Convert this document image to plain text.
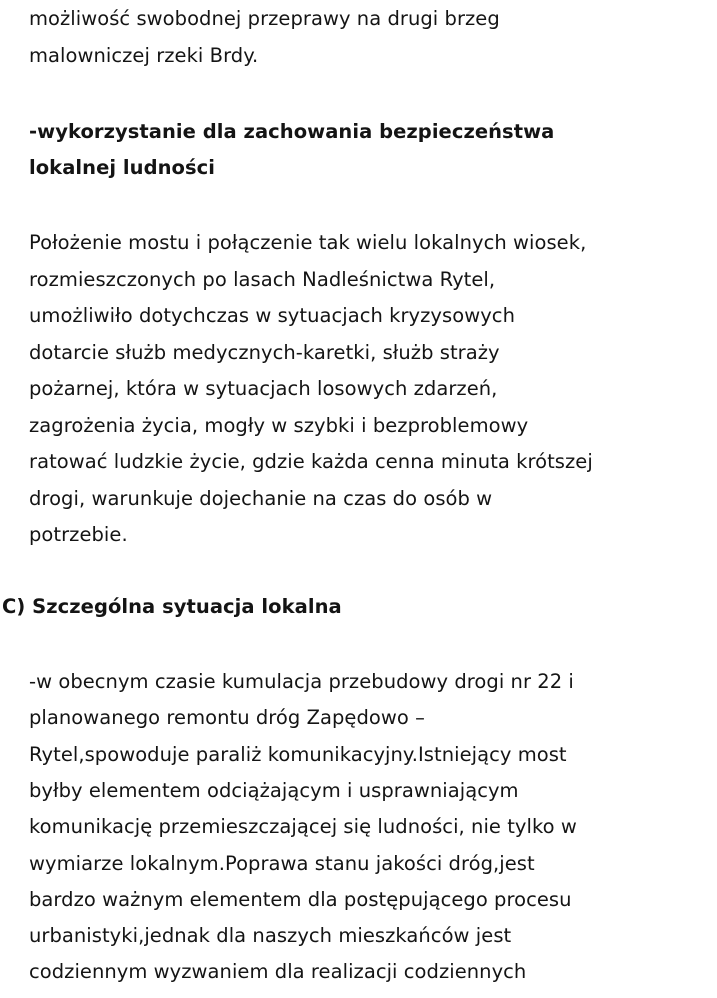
możliwość swobodnej przeprawy na drugi brzeg
malowniczej rzeki Brdy.
-wykorzystanie dla zachowania bezpieczeństwa
lokalnej ludności
Położenie mostu i połączenie tak wielu lokalnych wiosek,
rozmieszczonych po lasach Nadleśnictwa Rytel,
umożliwiło dotychczas w sytuacjach kryzysowych
dotarcie służb medycznych-karetki, służb straży
pożarnej, która w sytuacjach losowych zdarzeń,
zagrożenia życia, mogły w szybki i bezproblemowy
ratować ludzkie życie, gdzie każda cenna minuta krótszej
drogi, warunkuje dojechanie na czas do osób w
potrzebie.
C) Szczególna sytuacja lokalna
-w obecnym czasie kumulacja przebudowy drogi nr 22 i
planowanego remontu dróg Zapędowo –
Rytel,spowoduje paraliż komunikacyjny.Istniejący most
byłby elementem odciążającym i usprawniającym
komunikację przemieszczającej się ludności, nie tylko w
wymiarze lokalnym.Poprawa stanu jakości dróg,jest
bardzo ważnym elementem dla postępującego procesu
urbanistyki,jednak dla naszych mieszkańców jest
codziennym wyzwaniem dla realizacji codziennych
